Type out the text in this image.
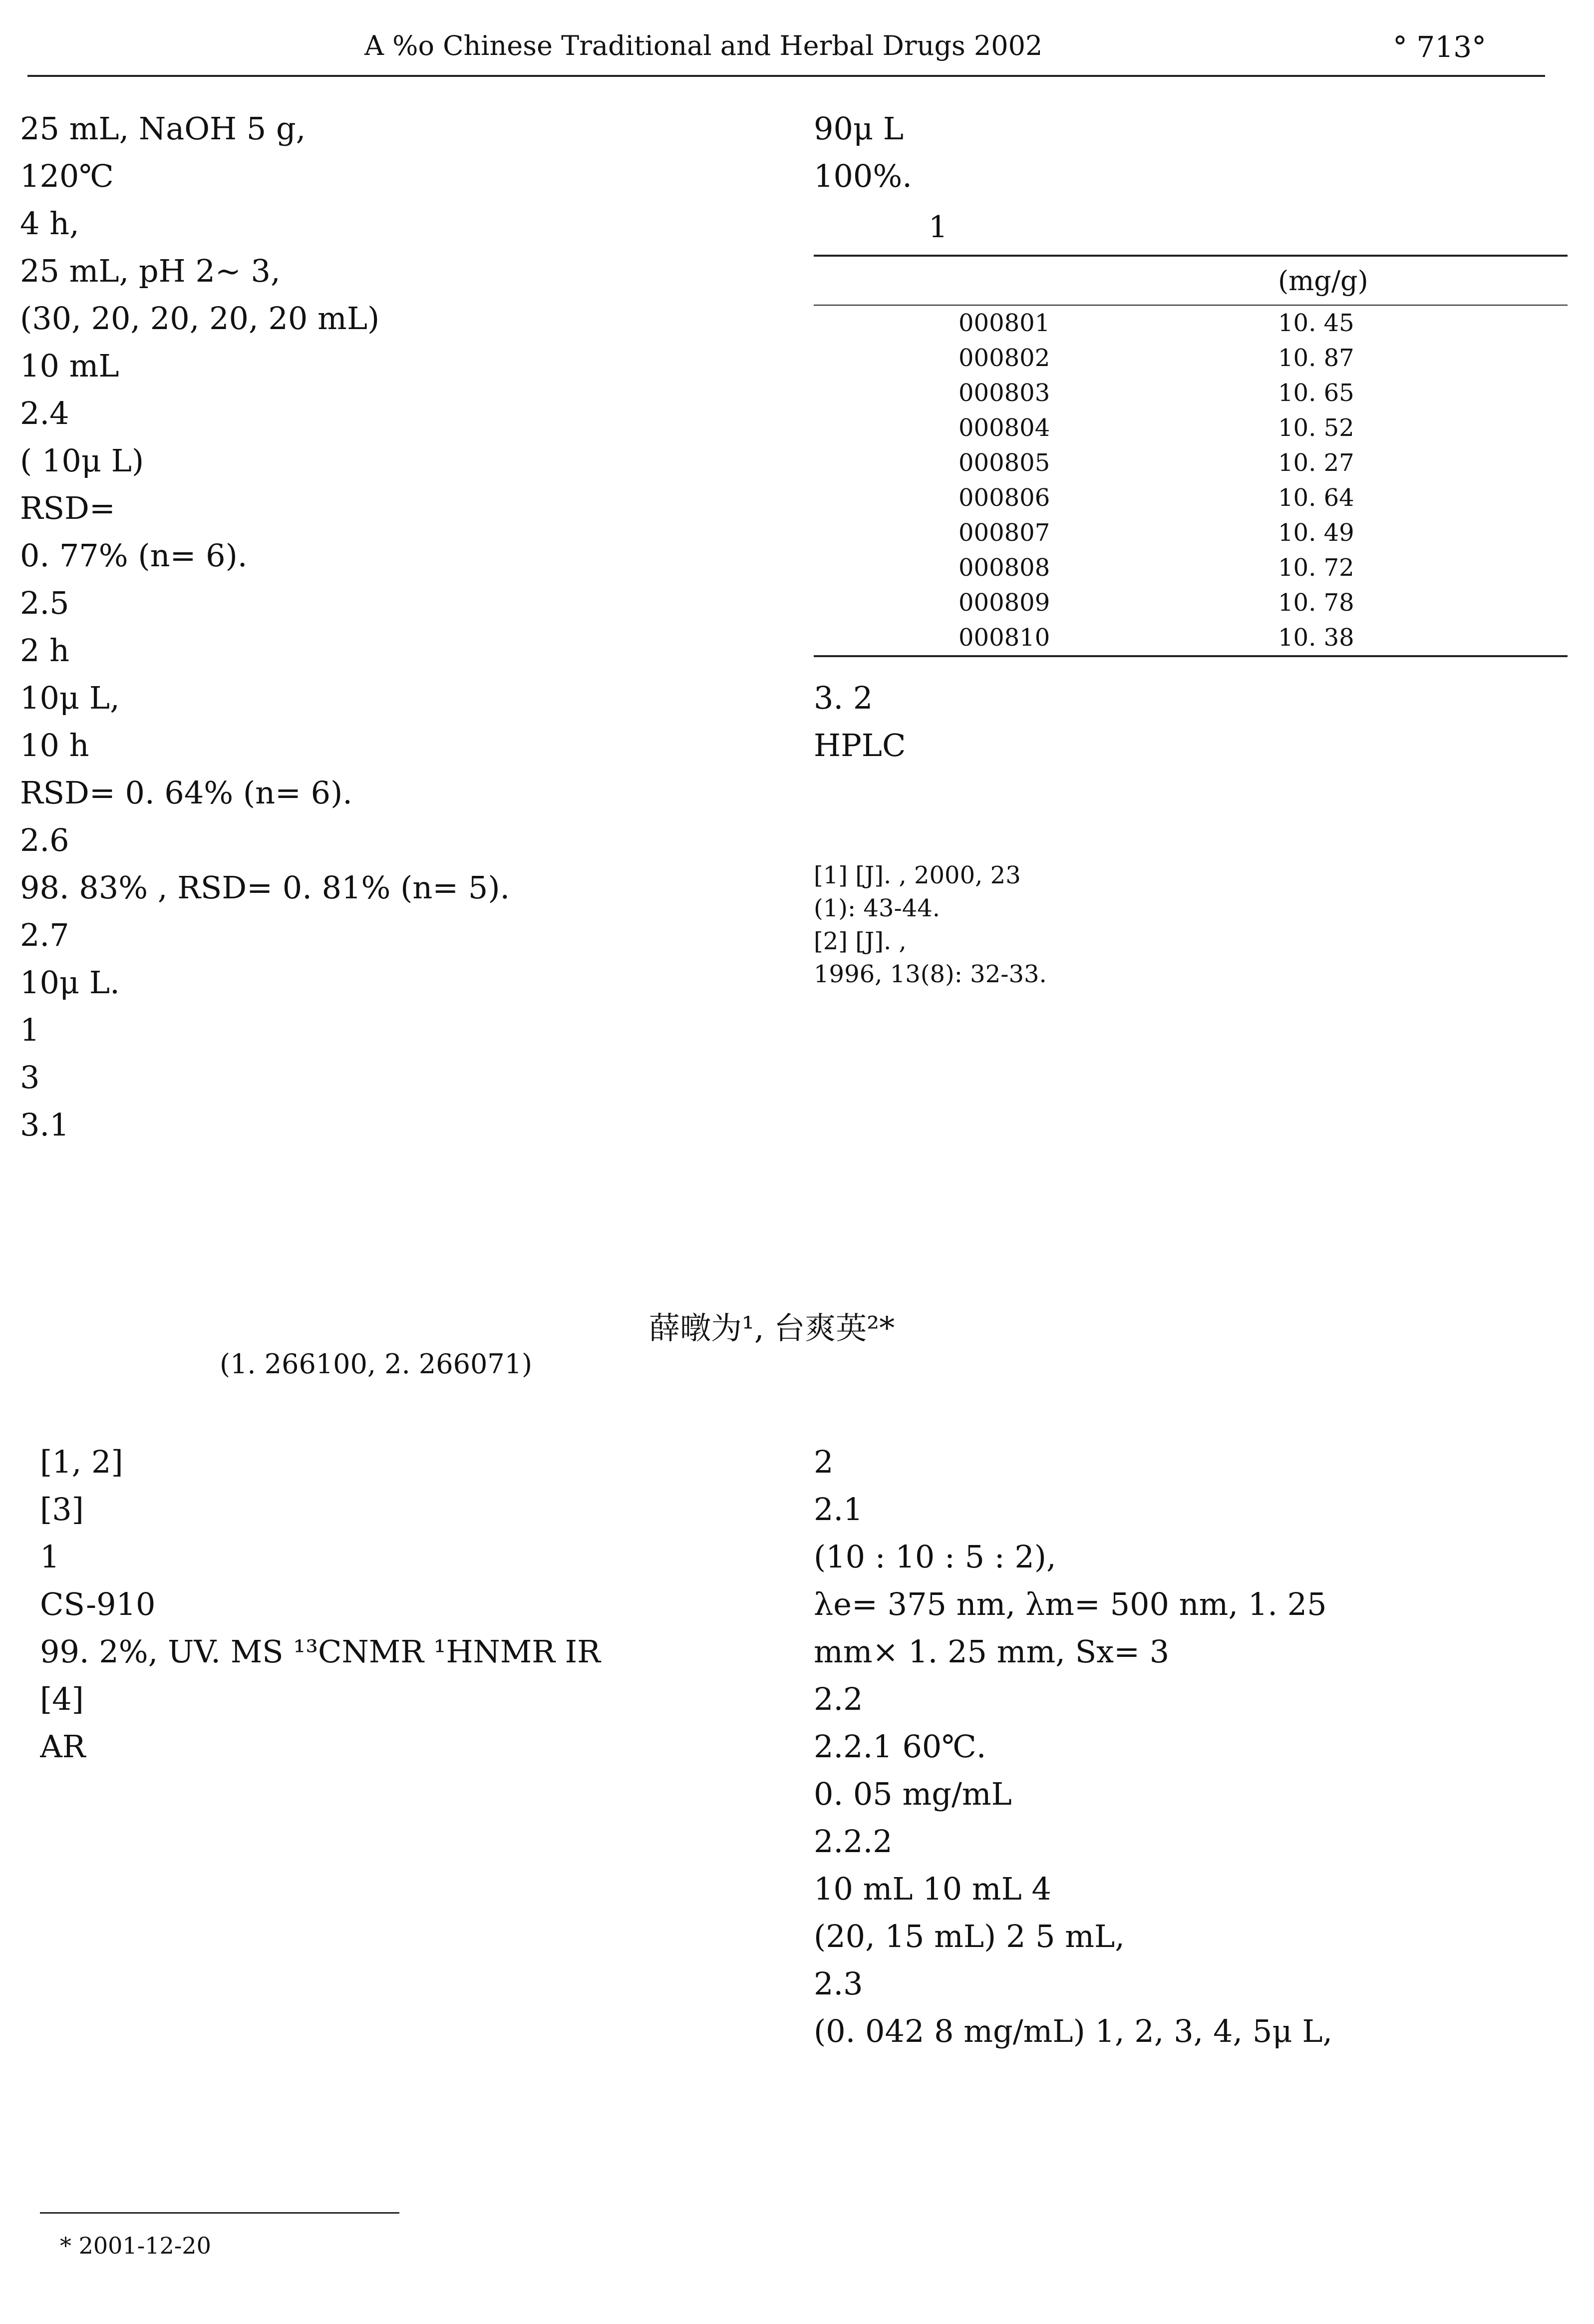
A %o Chinese Traditional and Herbal Drugs 2002	° 713°
25 mL, NaOH 5 g,
120℃
4 h,
25 mL, pH 2~ 3,
(30, 20, 20, 20, 20 mL)
10 mL
2.4
( 10μ L)
RSD=
0. 77% (n= 6).
2.5
2 h
10μ L,
10 h
RSD= 0. 64% (n= 6).
2.6
98. 83% , RSD= 0. 81% (n= 5).
2.7
10μ L.
1
3
3.1
90μ L
100%.
1
(mg/g)
000801	10. 45
000802	10. 87
000803	10. 65
000804	10. 52
000805	10. 27
000806	10. 64
000807	10. 49
000808	10. 72
000809	10. 78
000810	10. 38
3. 2
HPLC
[1] [J]. , 2000, 23
(1): 43-44.
[2] [J]. ,
1996, 13(8): 32-33.
薛暾为¹, 台爽英²*
(1. 266100, 2. 266071)
[1, 2]
[3]
1
CS-910
99. 2%, UV. MS ¹³CNMR ¹HNMR IR
[4]
AR
2
2.1
(10 : 10 : 5 : 2),
λe= 375 nm, λm= 500 nm, 1. 25
mm× 1. 25 mm, Sx= 3
2.2
2.2.1 60℃.
0. 05 mg/mL
2.2.2
10 mL 10 mL 4
(20, 15 mL) 2 5 mL,
2.3
(0. 042 8 mg/mL) 1, 2, 3, 4, 5μ L,
* 2001-12-20
